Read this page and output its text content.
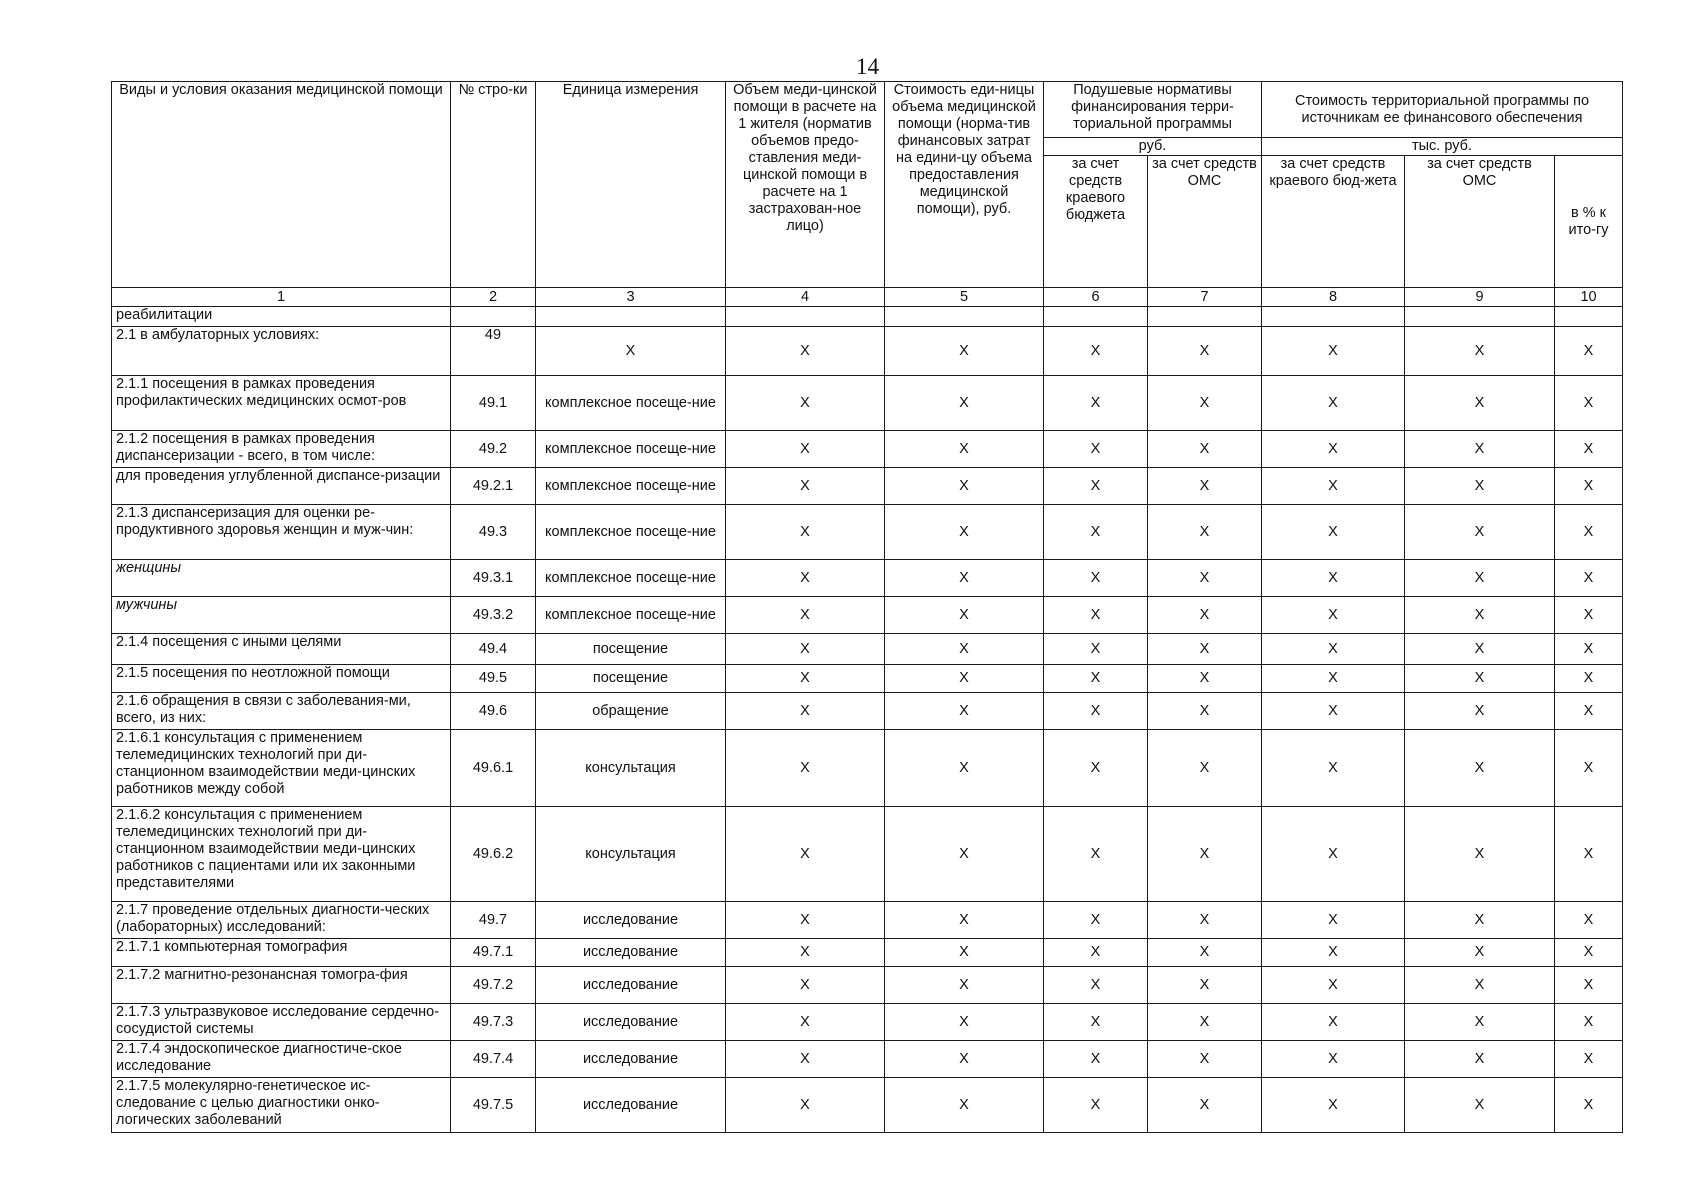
14
Виды и условия оказания медицинской помощи	№ стро-ки	Единица измерения	Объем меди-цинской помощи в расчете на 1 жителя (норматив объемов предо-ставления меди-цинской помощи в расчете на 1 застрахован-ное лицо)	Стоимость еди-ницы объема медицинской помощи (норма-тив финансовых затрат на едини-цу объема предоставления медицинской помощи), руб.	Подушевые нормативы финансирования терри-ториальной программы		Стоимость территориальной программы по источникам ее финансового обеспечения		
					руб.		тыс. руб.		
					за счет средств краевого бюджета	за счет средств ОМС	за счет средств краевого бюд-жета	за счет средств ОМС	в % к ито-гу
1	2	3	4	5	6	7	8	9	10
реабилитации									
2.1 в амбулаторных условиях:	49	Х	Х	Х	Х	Х	Х	Х	Х
2.1.1 посещения в рамках проведения профилактических медицинских осмот-ров	49.1	комплексное посеще-ние	Х	Х	Х	Х	Х	Х	Х
2.1.2 посещения в рамках проведения диспансеризации - всего, в том числе:	49.2	комплексное посеще-ние	Х	Х	Х	Х	Х	Х	Х
для проведения углубленной диспансе-ризации	49.2.1	комплексное посеще-ние	Х	Х	Х	Х	Х	Х	Х
2.1.3 диспансеризация для оценки ре-продуктивного здоровья женщин и муж-чин:	49.3	комплексное посеще-ние	Х	Х	Х	Х	Х	Х	Х
женщины	49.3.1	комплексное посеще-ние	Х	Х	Х	Х	Х	Х	Х
мужчины	49.3.2	комплексное посеще-ние	Х	Х	Х	Х	Х	Х	Х
2.1.4 посещения с иными целями	49.4	посещение	Х	Х	Х	Х	Х	Х	Х
2.1.5 посещения по неотложной помощи	49.5	посещение	Х	Х	Х	Х	Х	Х	Х
2.1.6 обращения в связи с заболевания-ми, всего, из них:	49.6	обращение	Х	Х	Х	Х	Х	Х	Х
2.1.6.1 консультация с применением телемедицинских технологий при ди-станционном взаимодействии меди-цинских работников между собой	49.6.1	консультация	Х	Х	Х	Х	Х	Х	Х
2.1.6.2 консультация с применением телемедицинских технологий при ди-станционном взаимодействии меди-цинских работников с пациентами или их законными представителями	49.6.2	консультация	Х	Х	Х	Х	Х	Х	Х
2.1.7 проведение отдельных диагности-ческих (лабораторных) исследований:	49.7	исследование	Х	Х	Х	Х	Х	Х	Х
2.1.7.1 компьютерная томография	49.7.1	исследование	Х	Х	Х	Х	Х	Х	Х
2.1.7.2 магнитно-резонансная томогра-фия	49.7.2	исследование	Х	Х	Х	Х	Х	Х	Х
2.1.7.3 ультразвуковое исследование сердечно-сосудистой системы	49.7.3	исследование	Х	Х	Х	Х	Х	Х	Х
2.1.7.4 эндоскопическое диагностиче-ское исследование	49.7.4	исследование	Х	Х	Х	Х	Х	Х	Х
2.1.7.5 молекулярно-генетическое ис-следование с целью диагностики онко-логических заболеваний	49.7.5	исследование	Х	Х	Х	Х	Х	Х	Х
